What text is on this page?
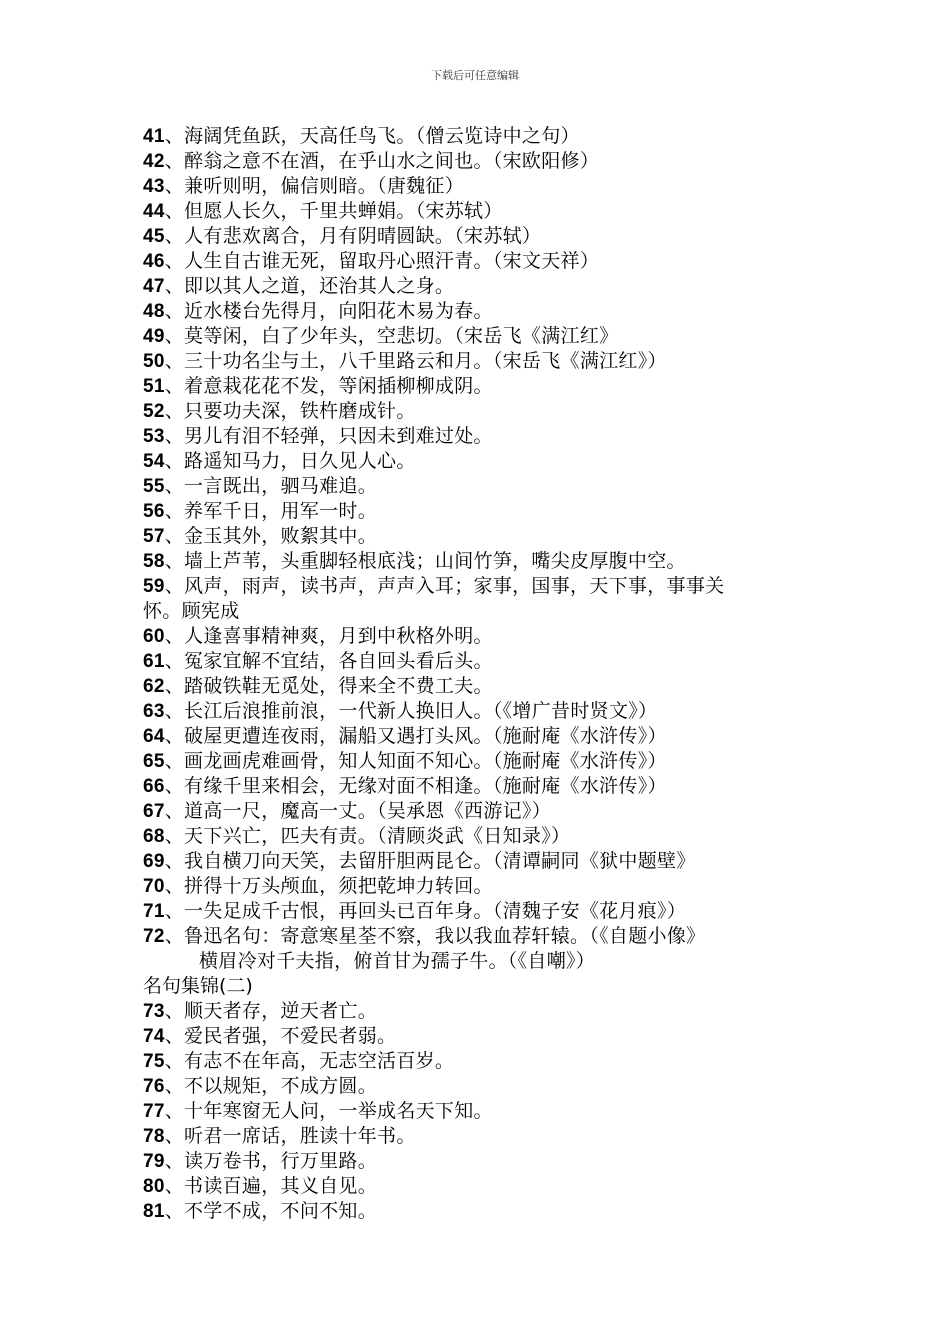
下载后可任意编辑
41、海阔凭鱼跃，天高任鸟飞。（僧云览诗中之句）
42、醉翁之意不在酒，在乎山水之间也。（宋欧阳修）
43、兼听则明，偏信则暗。（唐魏征）
44、但愿人长久，千里共蝉娟。（宋苏轼）
45、人有悲欢离合，月有阴晴圆缺。（宋苏轼）
46、人生自古谁无死，留取丹心照汗青。（宋文天祥）
47、即以其人之道，还治其人之身。
48、近水楼台先得月，向阳花木易为春。
49、莫等闲，白了少年头，空悲切。（宋岳飞《满江红》
50、三十功名尘与土，八千里路云和月。（宋岳飞《满江红》）
51、着意栽花花不发，等闲插柳柳成阴。
52、只要功夫深，铁杵磨成针。
53、男儿有泪不轻弹，只因未到难过处。
54、路遥知马力，日久见人心。
55、一言既出，驷马难追。
56、养军千日，用军一时。
57、金玉其外，败絮其中。
58、墙上芦苇，头重脚轻根底浅；山间竹笋，嘴尖皮厚腹中空。
59、风声，雨声，读书声，声声入耳；家事，国事，天下事，事事关
怀。顾宪成
60、人逢喜事精神爽，月到中秋格外明。
61、冤家宜解不宜结，各自回头看后头。
62、踏破铁鞋无觅处，得来全不费工夫。
63、长江后浪推前浪，一代新人换旧人。（《增广昔时贤文》）
64、破屋更遭连夜雨，漏船又遇打头风。（施耐庵《水浒传》）
65、画龙画虎难画骨，知人知面不知心。（施耐庵《水浒传》）
66、有缘千里来相会，无缘对面不相逢。（施耐庵《水浒传》）
67、道高一尺，魔高一丈。（吴承恩《西游记》）
68、天下兴亡，匹夫有责。（清顾炎武《日知录》）
69、我自横刀向天笑，去留肝胆两昆仑。（清谭嗣同《狱中题壁》
70、拼得十万头颅血，须把乾坤力转回。
71、一失足成千古恨，再回头已百年身。（清魏子安《花月痕》）
72、鲁迅名句：寄意寒星荃不察，我以我血荐轩辕。（《自题小像》
横眉冷对千夫指，俯首甘为孺子牛。（《自嘲》）
名句集锦(二)
73、顺天者存，逆天者亡。
74、爱民者强，不爱民者弱。
75、有志不在年高，无志空活百岁。
76、不以规矩，不成方圆。
77、十年寒窗无人问，一举成名天下知。
78、听君一席话，胜读十年书。
79、读万卷书，行万里路。
80、书读百遍，其义自见。
81、不学不成，不问不知。
